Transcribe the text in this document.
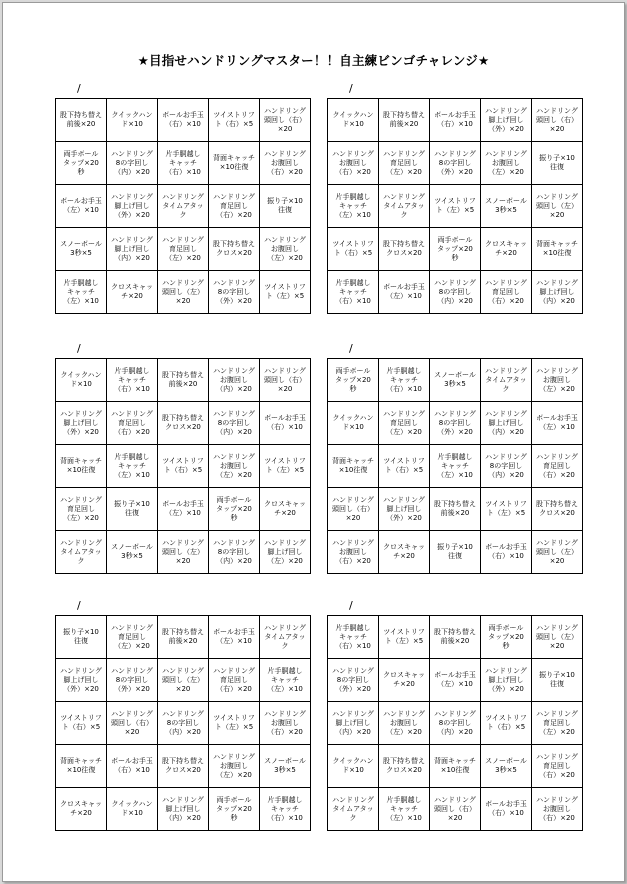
★目指せハンドリングマスター！！自主練ビンゴチャレンジ★
/
股下持ち替え
前後×20	クイックハン
ド×10	ボールお手玉
（右）×10	ツイストリフ
ト（右）×5	ハンドリング
頭回し（右）
×20
両手ボール
タップ×20
秒	ハンドリング
8の字回し
（内）×20	片手胴越し
キャッチ
（右）×10	背面キャッチ
×10往復	ハンドリング
お腹回し
（右）×20
ボールお手玉
（左）×10	ハンドリング
脚上げ回し
（外）×20	ハンドリング
タイムアタッ
ク	ハンドリング
育足回し
（右）×20	振り子×10
往復
スノーボール
3秒×5	ハンドリング
脚上げ回し
（内）×20	ハンドリング
育足回し
（左）×20	股下持ち替え
クロス×20	ハンドリング
お腹回し
（左）×20
片手胴越し
キャッチ
（左）×10	クロスキャッ
チ×20	ハンドリング
頭回し（左）
×20	ハンドリング
8の字回し
（外）×20	ツイストリフ
ト（左）×5
/
クイックハン
ド×10	股下持ち替え
前後×20	ボールお手玉
（右）×10	ハンドリング
脚上げ回し
（外）×20	ハンドリング
頭回し（右）
×20
ハンドリング
お腹回し
（右）×20	ハンドリング
育足回し
（左）×20	ハンドリング
8の字回し
（外）×20	ハンドリング
お腹回し
（左）×20	振り子×10
往復
片手胴越し
キャッチ
（左）×10	ハンドリング
タイムアタッ
ク	ツイストリフ
ト（左）×5	スノーボール
3秒×5	ハンドリング
頭回し（左）
×20
ツイストリフ
ト（右）×5	股下持ち替え
クロス×20	両手ボール
タップ×20
秒	クロスキャッ
チ×20	背面キャッチ
×10往復
片手胴越し
キャッチ
（右）×10	ボールお手玉
（左）×10	ハンドリング
8の字回し
（内）×20	ハンドリング
育足回し
（右）×20	ハンドリング
脚上げ回し
（内）×20
/
クイックハン
ド×10	片手胴越し
キャッチ
（右）×10	股下持ち替え
前後×20	ハンドリング
お腹回し
（内）×20	ハンドリング
頭回し（右）
×20
ハンドリング
脚上げ回し
（外）×20	ハンドリング
育足回し
（右）×20	股下持ち替え
クロス×20	ハンドリング
8の字回し
（内）×20	ボールお手玉
（右）×10
背面キャッチ
×10往復	片手胴越し
キャッチ
（左）×10	ツイストリフ
ト（右）×5	ハンドリング
お腹回し
（左）×20	ツイストリフ
ト（左）×5
ハンドリング
育足回し
（左）×20	振り子×10
往復	ボールお手玉
（左）×10	両手ボール
タップ×20
秒	クロスキャッ
チ×20
ハンドリング
タイムアタッ
ク	スノーボール
3秒×5	ハンドリング
頭回し（左）
×20	ハンドリング
8の字回し
（内）×20	ハンドリング
脚上げ回し
（左）×20
/
両手ボール
タップ×20
秒	片手胴越し
キャッチ
（右）×10	スノーボール
3秒×5	ハンドリング
タイムアタッ
ク	ハンドリング
お腹回し
（左）×20
クイックハン
ド×10	ハンドリング
育足回し
（左）×20	ハンドリング
8の字回し
（外）×20	ハンドリング
脚上げ回し
（内）×20	ボールお手玉
（左）×10
背面キャッチ
×10往復	ツイストリフ
ト（右）×5	片手胴越し
キャッチ
（左）×10	ハンドリング
8の字回し
（内）×20	ハンドリング
育足回し
（右）×20
ハンドリング
頭回し（右）
×20	ハンドリング
脚上げ回し
（外）×20	股下持ち替え
前後×20	ツイストリフ
ト（左）×5	股下持ち替え
クロス×20
ハンドリング
お腹回し
（右）×20	クロスキャッ
チ×20	振り子×10
往復	ボールお手玉
（右）×10	ハンドリング
頭回し（左）
×20
/
振り子×10
往復	ハンドリング
育足回し
（左）×20	股下持ち替え
前後×20	ボールお手玉
（左）×10	ハンドリング
タイムアタッ
ク
ハンドリング
脚上げ回し
（外）×20	ハンドリング
8の字回し
（外）×20	ハンドリング
頭回し（左）
×20	ハンドリング
育足回し
（右）×20	片手胴越し
キャッチ
（左）×10
ツイストリフ
ト（右）×5	ハンドリング
頭回し（右）
×20	ハンドリング
8の字回し
（内）×20	ツイストリフ
ト（左）×5	ハンドリング
お腹回し
（右）×20
背面キャッチ
×10往復	ボールお手玉
（右）×10	股下持ち替え
クロス×20	ハンドリング
お腹回し
（左）×20	スノーボール
3秒×5
クロスキャッ
チ×20	クイックハン
ド×10	ハンドリング
脚上げ回し
（内）×20	両手ボール
タップ×20
秒	片手胴越し
キャッチ
（右）×10
/
片手胴越し
キャッチ
（右）×10	ツイストリフ
ト（左）×5	股下持ち替え
前後×20	両手ボール
タップ×20
秒	ハンドリング
頭回し（左）
×20
ハンドリング
8の字回し
（外）×20	クロスキャッ
チ×20	ボールお手玉
（左）×10	ハンドリング
脚上げ回し
（外）×20	振り子×10
往復
ハンドリング
脚上げ回し
（内）×20	ハンドリング
お腹回し
（左）×20	ハンドリング
8の字回し
（内）×20	ツイストリフ
ト（右）×5	ハンドリング
育足回し
（左）×20
クイックハン
ド×10	股下持ち替え
クロス×20	背面キャッチ
×10往復	スノーボール
3秒×5	ハンドリング
育足回し
（右）×20
ハンドリング
タイムアタッ
ク	片手胴越し
キャッチ
（左）×10	ハンドリング
頭回し（右）
×20	ボールお手玉
（右）×10	ハンドリング
お腹回し
（右）×20
